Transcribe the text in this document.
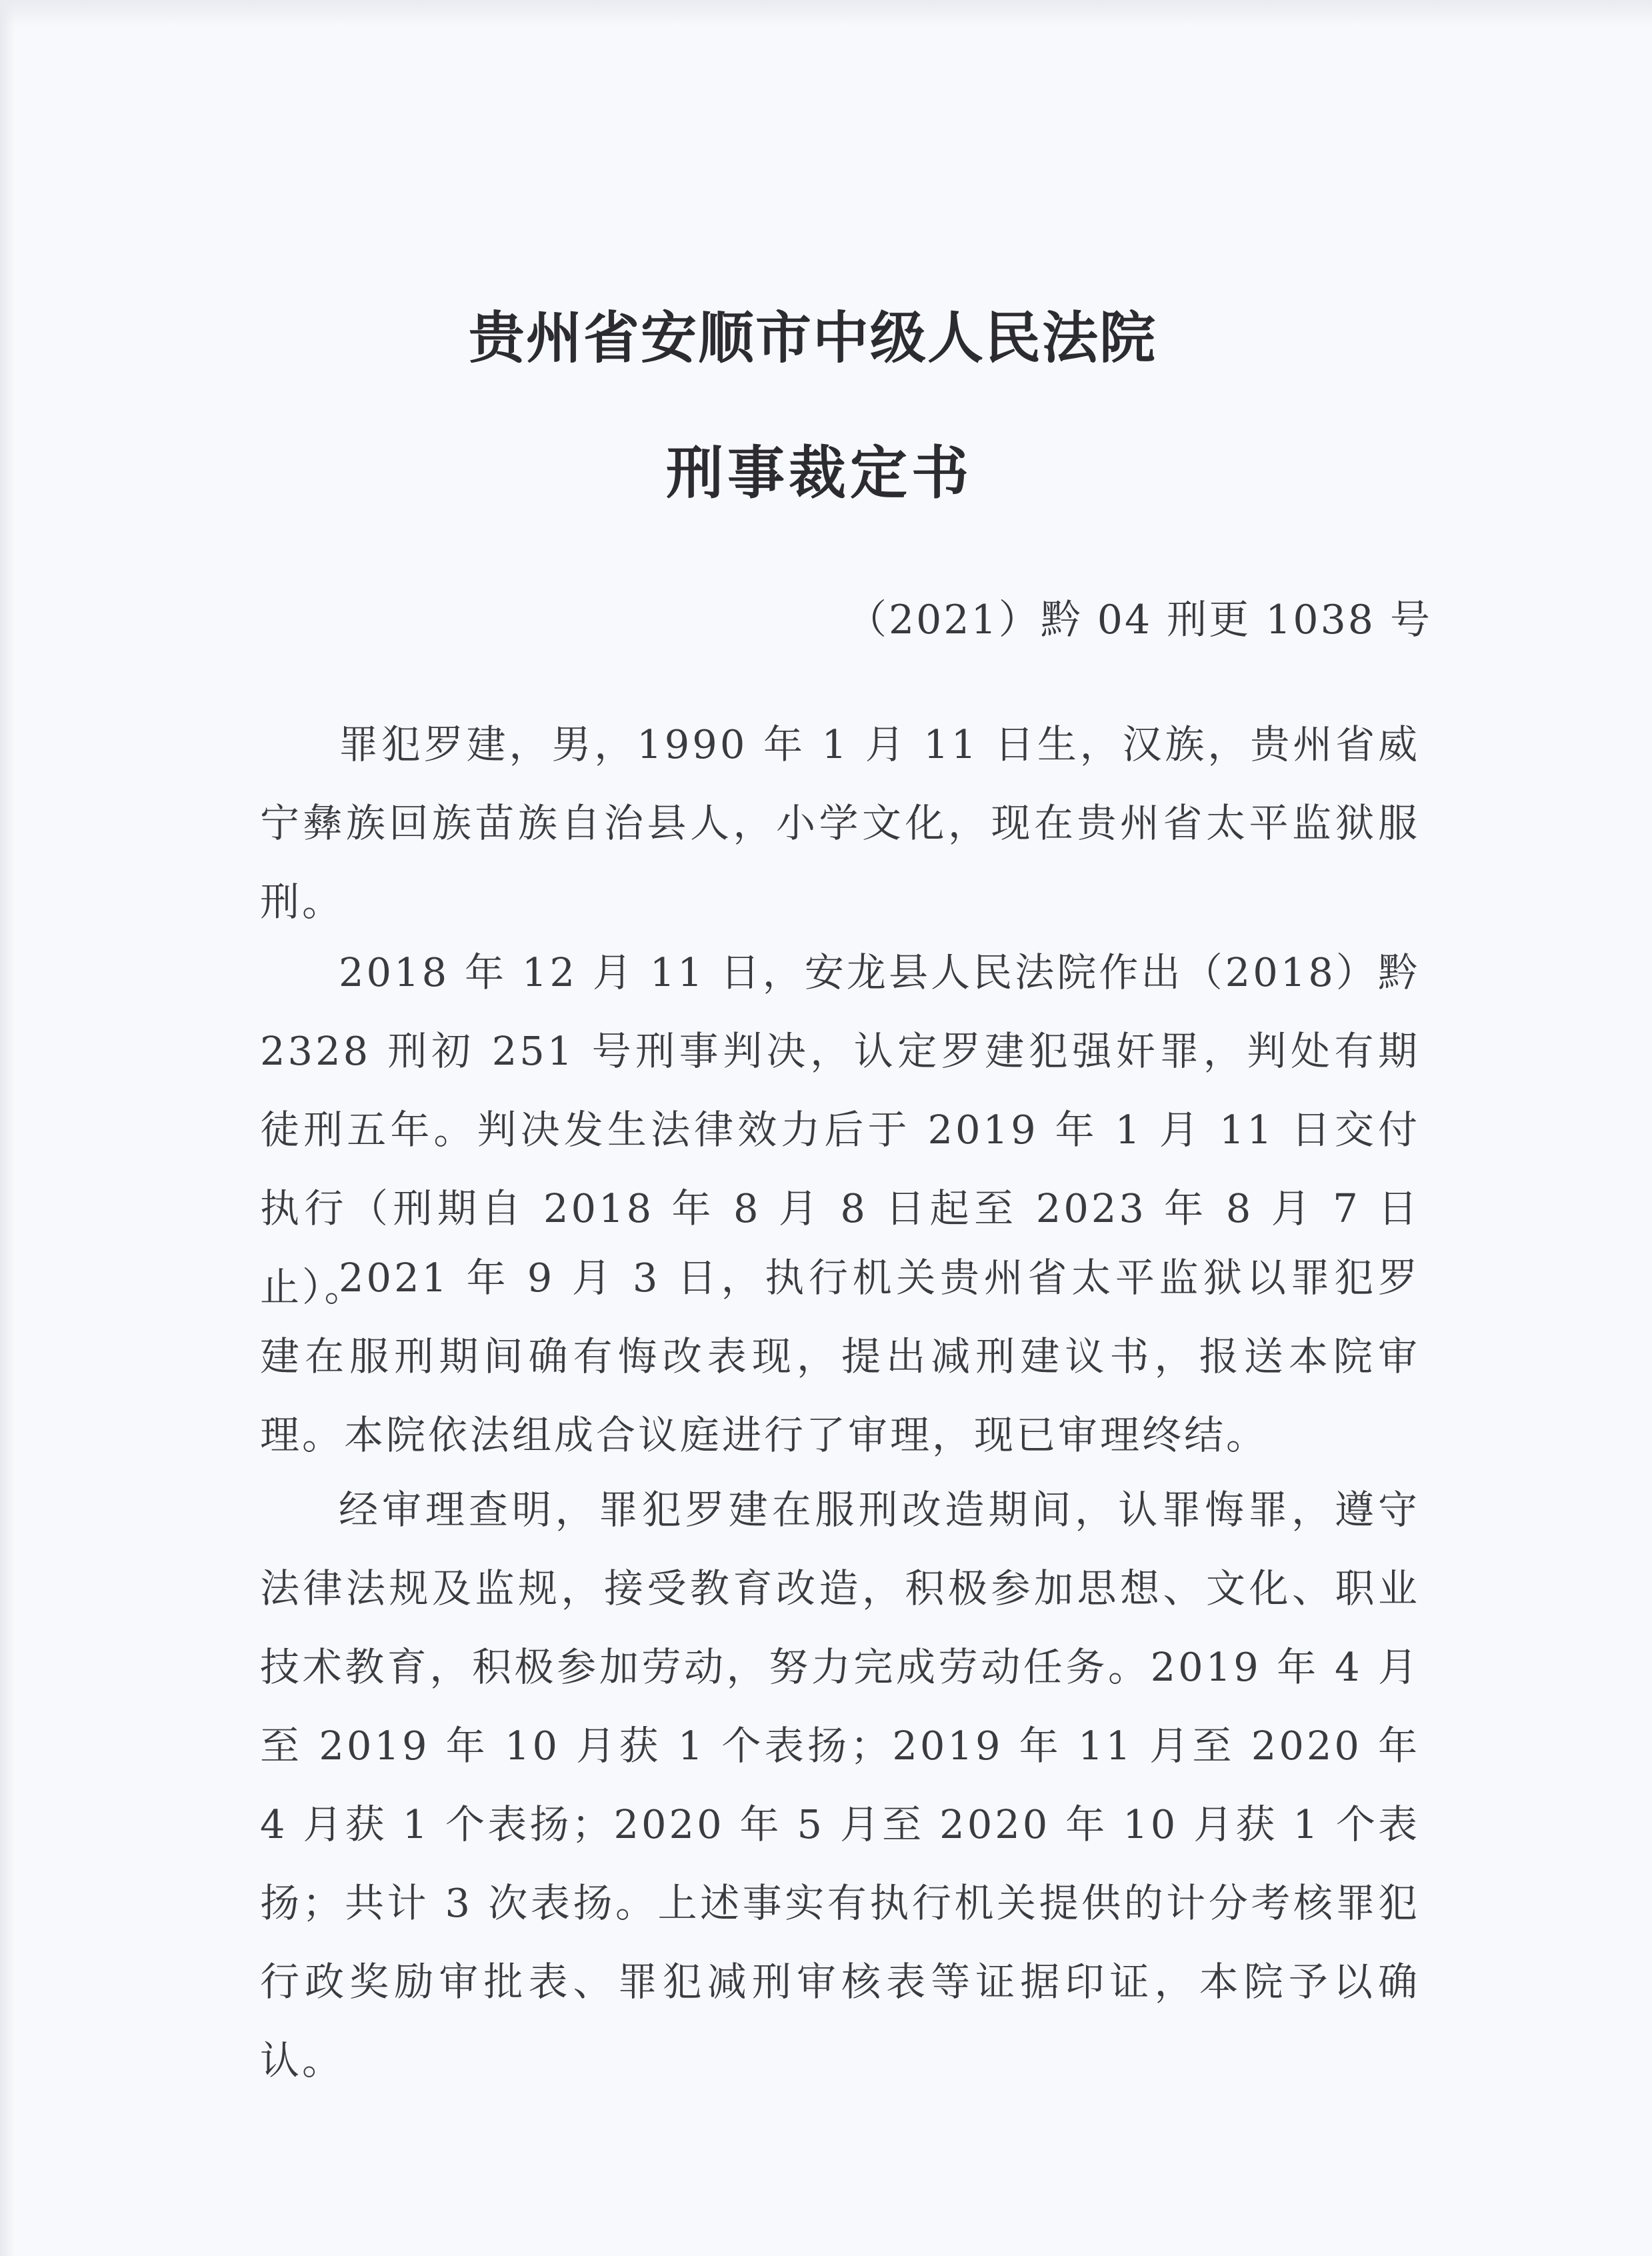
贵州省安顺市中级人民法院
刑事裁定书
（2021）黔 04 刑更 1038 号

罪犯罗建，男，1990 年 1 月 11 日生，汉族，贵州省威宁彝族回族苗族自治县人，小学文化，现在贵州省太平监狱服刑。

2018 年 12 月 11 日，安龙县人民法院作出（2018）黔 2328 刑初 251 号刑事判决，认定罗建犯强奸罪，判处有期徒刑五年。判决发生法律效力后于 2019 年 1 月 11 日交付执行（刑期自 2018 年 8 月 8 日起至 2023 年 8 月 7 日止）。

2021 年 9 月 3 日，执行机关贵州省太平监狱以罪犯罗建在服刑期间确有悔改表现，提出减刑建议书，报送本院审理。本院依法组成合议庭进行了审理，现已审理终结。

经审理查明，罪犯罗建在服刑改造期间，认罪悔罪，遵守法律法规及监规，接受教育改造，积极参加思想、文化、职业技术教育，积极参加劳动，努力完成劳动任务。2019 年 4 月至 2019 年 10 月获 1 个表扬；2019 年 11 月至 2020 年 4 月获 1 个表扬；2020 年 5 月至 2020 年 10 月获 1 个表扬；共计 3 次表扬。上述事实有执行机关提供的计分考核罪犯行政奖励审批表、罪犯减刑审核表等证据印证，本院予以确认。
